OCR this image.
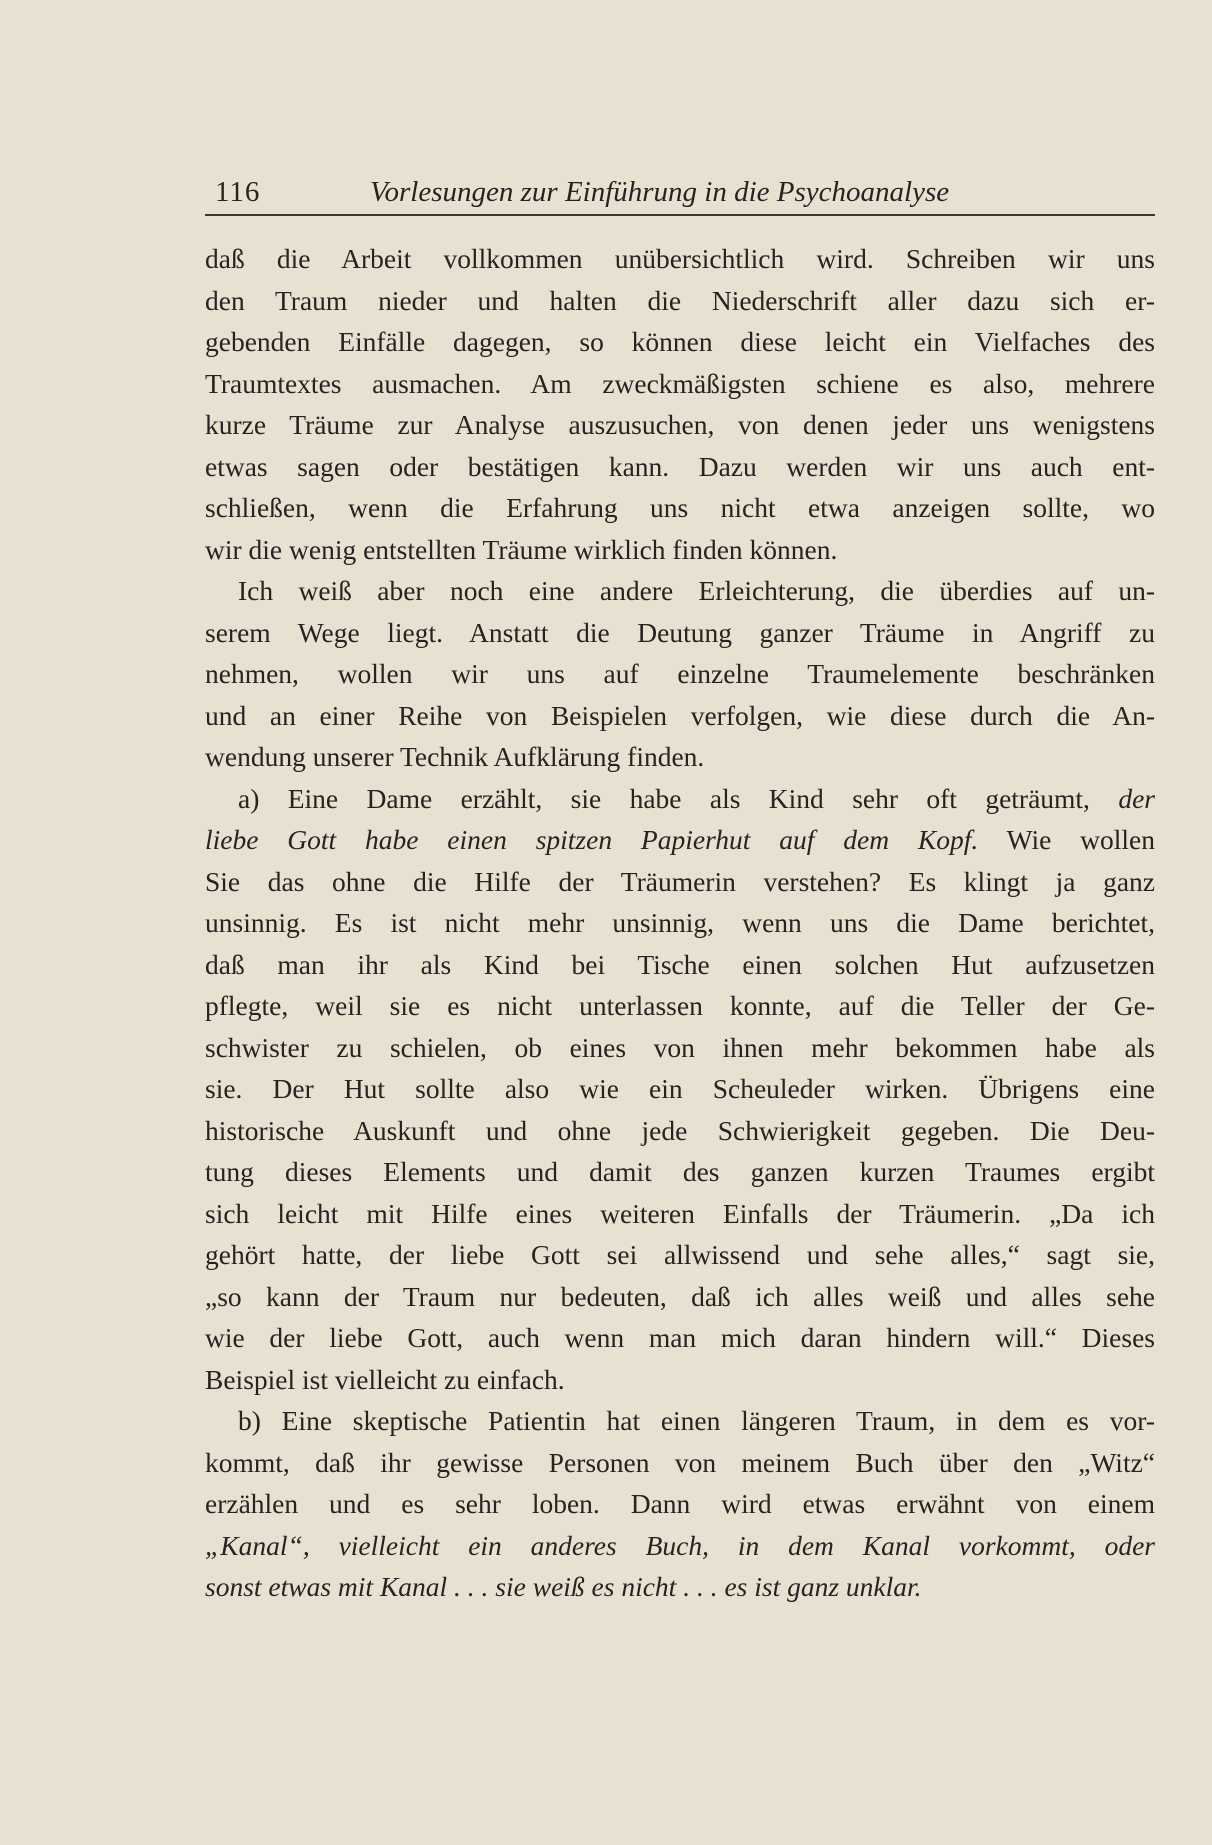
116	Vorlesungen zur Einführung in die Psychoanalyse
daß die Arbeit vollkommen unübersichtlich wird. Schreiben wir uns
den Traum nieder und halten die Niederschrift aller dazu sich er-
gebenden Einfälle dagegen, so können diese leicht ein Vielfaches des
Traumtextes ausmachen. Am zweckmäßigsten schiene es also, mehrere
kurze Träume zur Analyse auszusuchen, von denen jeder uns wenigstens
etwas sagen oder bestätigen kann. Dazu werden wir uns auch ent-
schließen, wenn die Erfahrung uns nicht etwa anzeigen sollte, wo
wir die wenig entstellten Träume wirklich finden können.
Ich weiß aber noch eine andere Erleichterung, die überdies auf un-
serem Wege liegt. Anstatt die Deutung ganzer Träume in Angriff zu
nehmen, wollen wir uns auf einzelne Traumelemente beschränken
und an einer Reihe von Beispielen verfolgen, wie diese durch die An-
wendung unserer Technik Aufklärung finden.
a) Eine Dame erzählt, sie habe als Kind sehr oft geträumt, der
liebe Gott habe einen spitzen Papierhut auf dem Kopf. Wie wollen
Sie das ohne die Hilfe der Träumerin verstehen? Es klingt ja ganz
unsinnig. Es ist nicht mehr unsinnig, wenn uns die Dame berichtet,
daß man ihr als Kind bei Tische einen solchen Hut aufzusetzen
pflegte, weil sie es nicht unterlassen konnte, auf die Teller der Ge-
schwister zu schielen, ob eines von ihnen mehr bekommen habe als
sie. Der Hut sollte also wie ein Scheuleder wirken. Übrigens eine
historische Auskunft und ohne jede Schwierigkeit gegeben. Die Deu-
tung dieses Elements und damit des ganzen kurzen Traumes ergibt
sich leicht mit Hilfe eines weiteren Einfalls der Träumerin. „Da ich
gehört hatte, der liebe Gott sei allwissend und sehe alles,“ sagt sie,
„so kann der Traum nur bedeuten, daß ich alles weiß und alles sehe
wie der liebe Gott, auch wenn man mich daran hindern will.“ Dieses
Beispiel ist vielleicht zu einfach.
b) Eine skeptische Patientin hat einen längeren Traum, in dem es vor-
kommt, daß ihr gewisse Personen von meinem Buch über den „Witz“
erzählen und es sehr loben. Dann wird etwas erwähnt von einem
„Kanal“, vielleicht ein anderes Buch, in dem Kanal vorkommt, oder
sonst etwas mit Kanal . . . sie weiß es nicht . . . es ist ganz unklar.
